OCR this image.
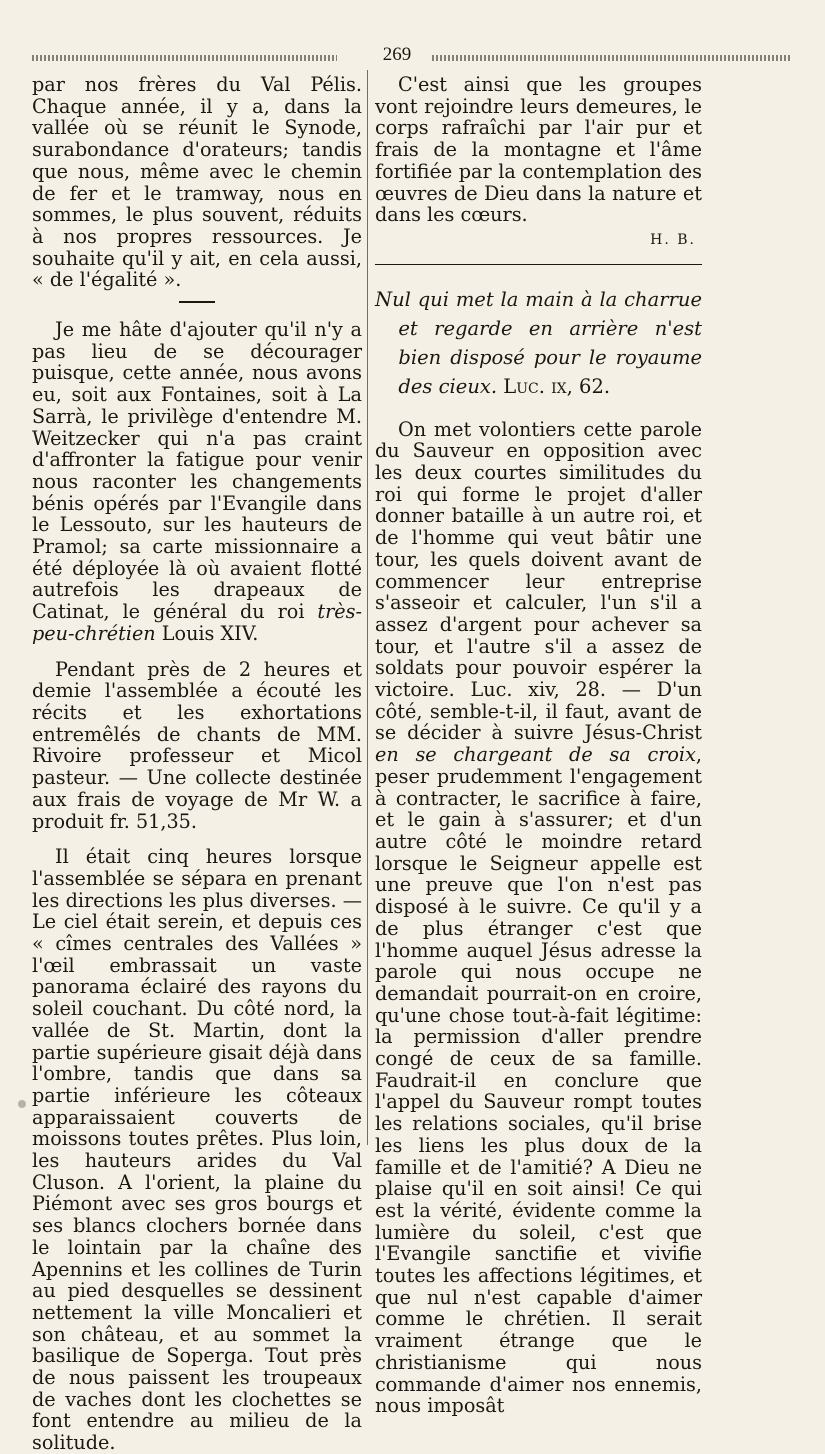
269

par nos frères du Val Pélis. Chaque année, il y a, dans la vallée où se réunit le Synode, surabondance d'orateurs; tandis que nous, même avec le chemin de fer et le tramway, nous en sommes, le plus souvent, réduits à nos propres ressources. Je souhaite qu'il y ait, en cela aussi, « de l'égalité ».

Je me hâte d'ajouter qu'il n'y a pas lieu de se décourager puisque, cette année, nous avons eu, soit aux Fontaines, soit à La Sarrà, le privilège d'entendre M. Weitzecker qui n'a pas craint d'affronter la fatigue pour venir nous raconter les changements bénis opérés par l'Evangile dans le Lessouto, sur les hauteurs de Pramol; sa carte missionnaire a été déployée là où avaient flotté autrefois les drapeaux de Catinat, le général du roi très-peu-chrétien Louis XIV.

Pendant près de 2 heures et demie l'assemblée a écouté les récits et les exhortations entremêlés de chants de MM. Rivoire professeur et Micol pasteur. — Une collecte destinée aux frais de voyage de Mr W. a produit fr. 51,35.

Il était cinq heures lorsque l'assemblée se sépara en prenant les directions les plus diverses. — Le ciel était serein, et depuis ces « cîmes centrales des Vallées » l'œil embrassait un vaste panorama éclairé des rayons du soleil couchant. Du côté nord, la vallée de St. Martin, dont la partie supérieure gisait déjà dans l'ombre, tandis que dans sa partie inférieure les côteaux apparaissaient couverts de moissons toutes prêtes. Plus loin, les hauteurs arides du Val Cluson. A l'orient, la plaine du Piémont avec ses gros bourgs et ses blancs clochers bornée dans le lointain par la chaîne des Apennins et les collines de Turin au pied desquelles se dessinent nettement la ville Moncalieri et son château, et au sommet la basilique de Soperga. Tout près de nous paissent les troupeaux de vaches dont les clochettes se font entendre au milieu de la solitude.

C'est ainsi que les groupes vont rejoindre leurs demeures, le corps rafraîchi par l'air pur et frais de la montagne et l'âme fortifiée par la contemplation des œuvres de Dieu dans la nature et dans les cœurs.

H. B.

Nul qui met la main à la charrue et regarde en arrière n'est bien disposé pour le royaume des cieux. Luc. ix, 62.

On met volontiers cette parole du Sauveur en opposition avec les deux courtes similitudes du roi qui forme le projet d'aller donner bataille à un autre roi, et de l'homme qui veut bâtir une tour, les quels doivent avant de commencer leur entreprise s'asseoir et calculer, l'un s'il a assez d'argent pour achever sa tour, et l'autre s'il a assez de soldats pour pouvoir espérer la victoire. Luc. xiv, 28. — D'un côté, semble-t-il, il faut, avant de se décider à suivre Jésus-Christ en se chargeant de sa croix, peser prudemment l'engagement à contracter, le sacrifice à faire, et le gain à s'assurer; et d'un autre côté le moindre retard lorsque le Seigneur appelle est une preuve que l'on n'est pas disposé à le suivre. Ce qu'il y a de plus étranger c'est que l'homme auquel Jésus adresse la parole qui nous occupe ne demandait pourrait-on en croire, qu'une chose tout-à-fait légitime: la permission d'aller prendre congé de ceux de sa famille. Faudrait-il en conclure que l'appel du Sauveur rompt toutes les relations sociales, qu'il brise les liens les plus doux de la famille et de l'amitié? A Dieu ne plaise qu'il en soit ainsi! Ce qui est la vérité, évidente comme la lumière du soleil, c'est que l'Evangile sanctifie et vivifie toutes les affections légitimes, et que nul n'est capable d'aimer comme le chrétien. Il serait vraiment étrange que le christianisme qui nous commande d'aimer nos ennemis, nous imposât
